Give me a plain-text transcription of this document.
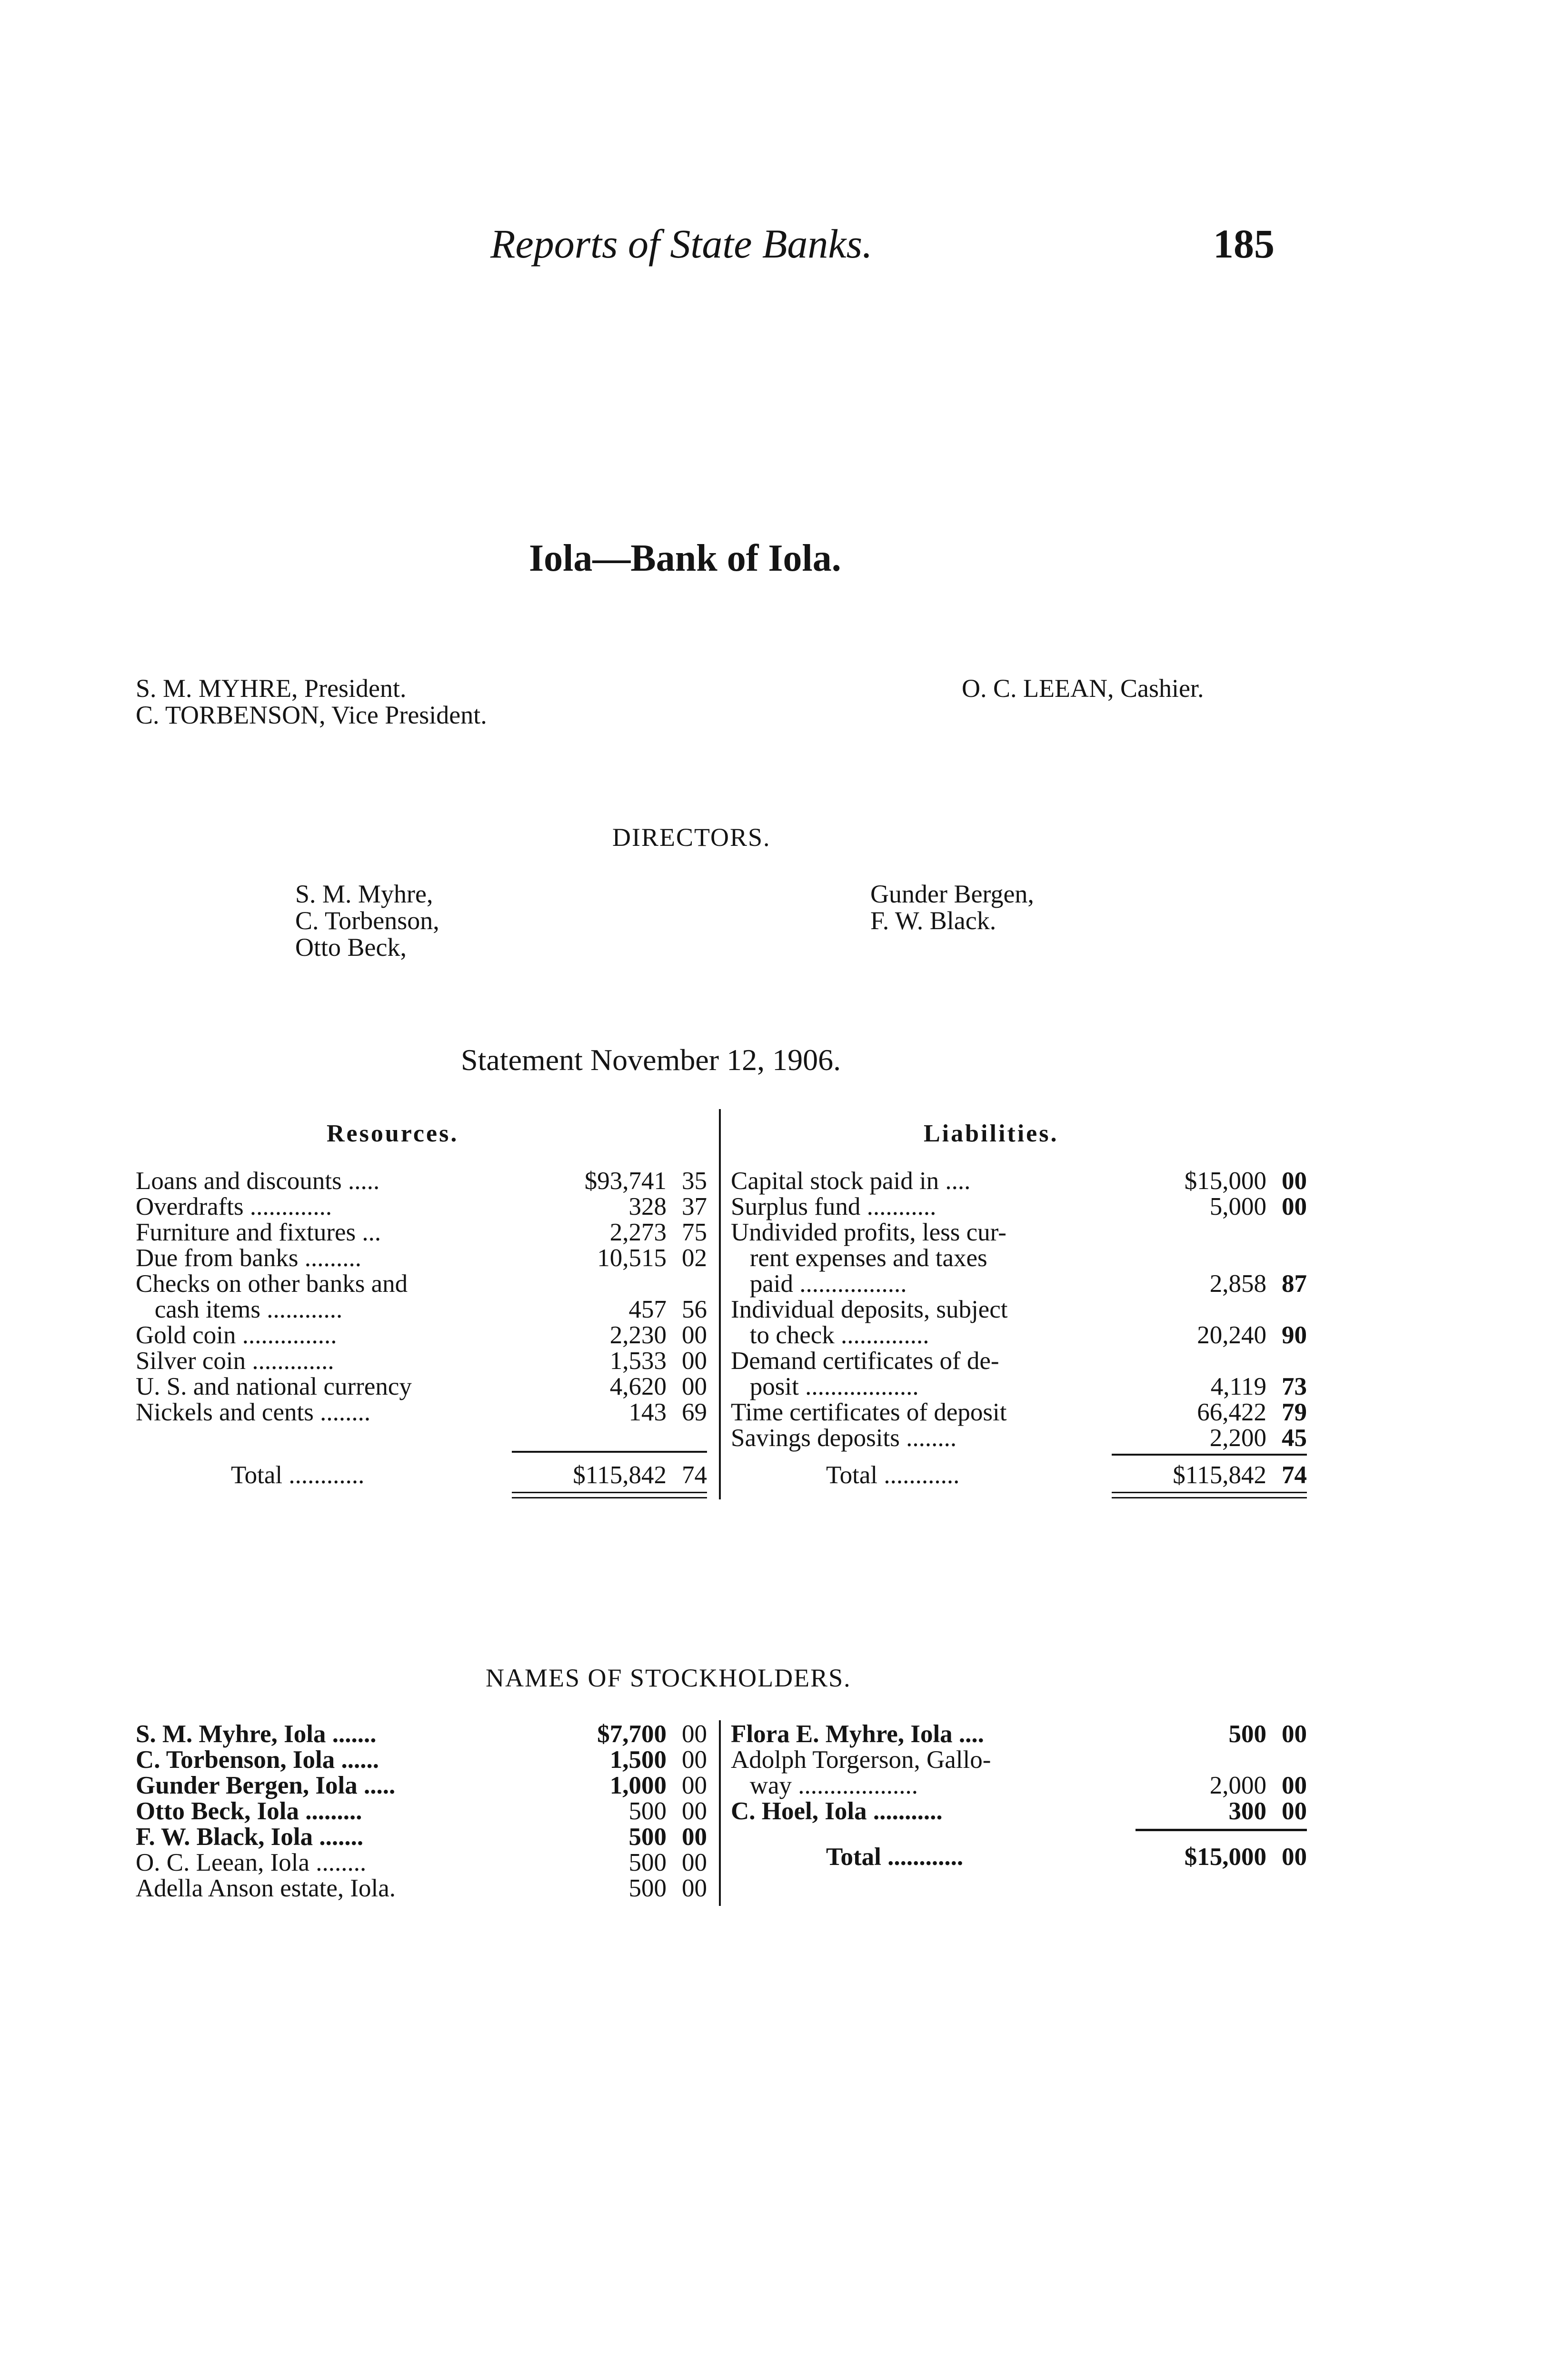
Reports of State Banks.	185
Iola—Bank of Iola.
S. M. MYHRE, President.
C. TORBENSON, Vice President.
O. C. LEEAN, Cashier.
DIRECTORS.
S. M. Myhre,
C. Torbenson,
Otto Beck,
Gunder Bergen,
F. W. Black.
Statement November 12, 1906.
Resources.	Liabilities.
Loans and discounts .....	$93,741 35
Overdrafts .............	328 37
Furniture and fixtures ...	2,273 75
Due from banks .........	10,515 02
Checks on other banks and
cash items ............	457 56
Gold coin ...............	2,230 00
Silver coin .............	1,533 00
U. S. and national currency	4,620 00
Nickels and cents ........	143 69
Total ............	$115,842 74
Capital stock paid in ....	$15,000 00
Surplus fund ...........	5,000 00
Undivided profits, less cur-
rent expenses and taxes
paid .................	2,858 87
Individual deposits, subject
to check ..............	20,240 90
Demand certificates of de-
posit ..................	4,119 73
Time certificates of deposit	66,422 79
Savings deposits ........	2,200 45
Total ............	$115,842 74
NAMES OF STOCKHOLDERS.
S. M. Myhre, Iola .......	$7,700 00
C. Torbenson, Iola ......	1,500 00
Gunder Bergen, Iola .....	1,000 00
Otto Beck, Iola .........	500 00
F. W. Black, Iola .......	500 00
O. C. Leean, Iola ........	500 00
Adella Anson estate, Iola.	500 00
Flora E. Myhre, Iola ....	500 00
Adolph Torgerson, Gallo-
way ...................	2,000 00
C. Hoel, Iola ...........	300 00
Total ............	$15,000 00
